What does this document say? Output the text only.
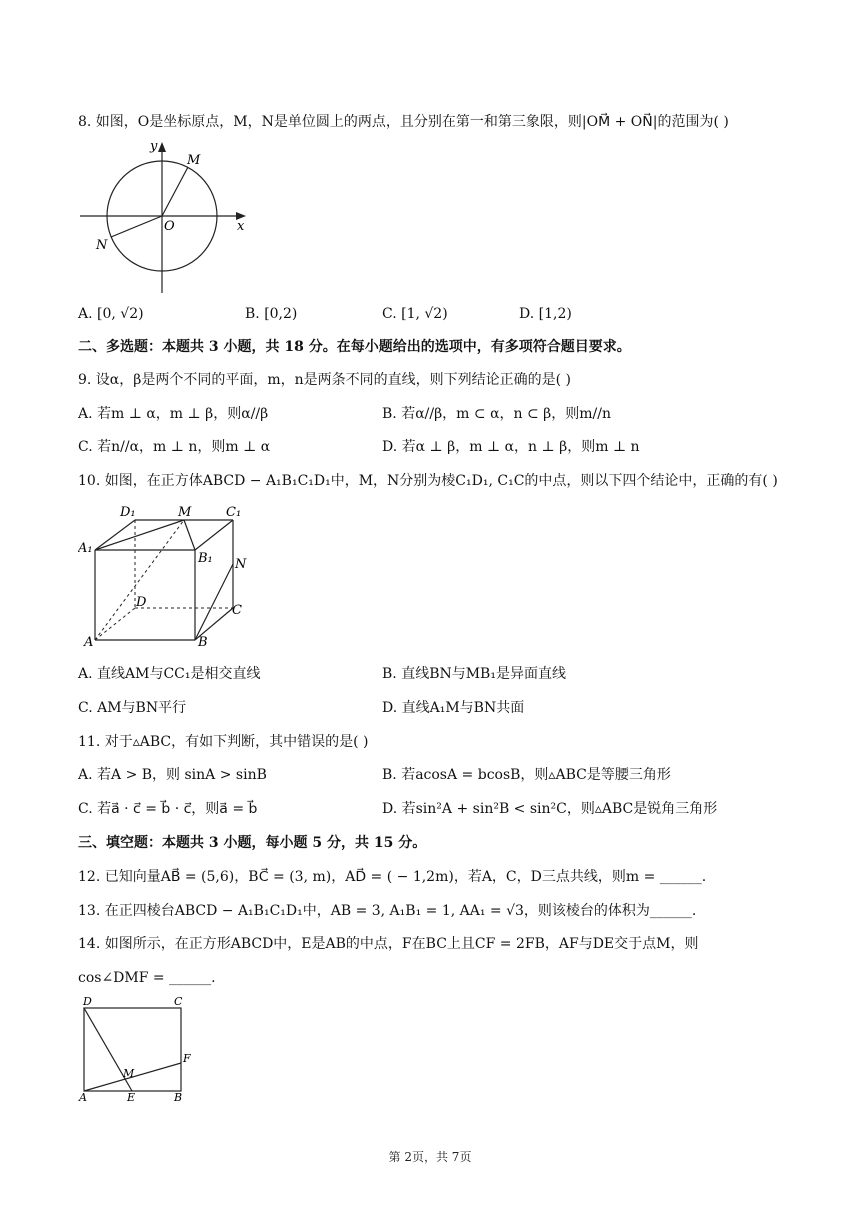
8. 如图，O是坐标原点，M，N是单位圆上的两点，且分别在第一和第三象限，则|OM⃗ + ON⃗|的范围为( )
y
x
O
M
N
A. [0, √2)	B. [0,2)	C. [1, √2)	D. [1,2)
二、多选题：本题共 3 小题，共 18 分。在每小题给出的选项中，有多项符合题目要求。
9. 设α，β是两个不同的平面，m，n是两条不同的直线，则下列结论正确的是( )
A. 若m ⊥ α，m ⊥ β，则α//β	B. 若α//β，m ⊂ α，n ⊂ β，则m//n
C. 若n//α，m ⊥ n，则m ⊥ α	D. 若α ⊥ β，m ⊥ α，n ⊥ β，则m ⊥ n
10. 如图，在正方体ABCD − A₁B₁C₁D₁中，M，N分别为棱C₁D₁, C₁C的中点，则以下四个结论中，正确的有( )
D₁	M	C₁
A₁
B₁ N
D
C
A	B
A. 直线AM与CC₁是相交直线	B. 直线BN与MB₁是异面直线
C. AM与BN平行	D. 直线A₁M与BN共面
11. 对于▵ABC，有如下判断，其中错误的是( )
A. 若A > B，则 sinA > sinB	B. 若acosA = bcosB，则▵ABC是等腰三角形
C. 若a⃗ · c⃗ = b⃗ · c⃗，则a⃗ = b⃗	D. 若sin²A + sin²B < sin²C，则▵ABC是锐角三角形
三、填空题：本题共 3 小题，每小题 5 分，共 15 分。
12. 已知向量AB⃗ = (5,6)，BC⃗ = (3, m)，AD⃗ = ( − 1,2m)，若A，C，D三点共线，则m = ______.
13. 在正四棱台ABCD − A₁B₁C₁D₁中，AB = 3, A₁B₁ = 1, AA₁ = √3，则该棱台的体积为______.
14. 如图所示，在正方形ABCD中，E是AB的中点，F在BC上且CF = 2FB，AF与DE交于点M，则
cos∠DMF = ______.
D	C
F
M
A	E	B
第 2页，共 7页
